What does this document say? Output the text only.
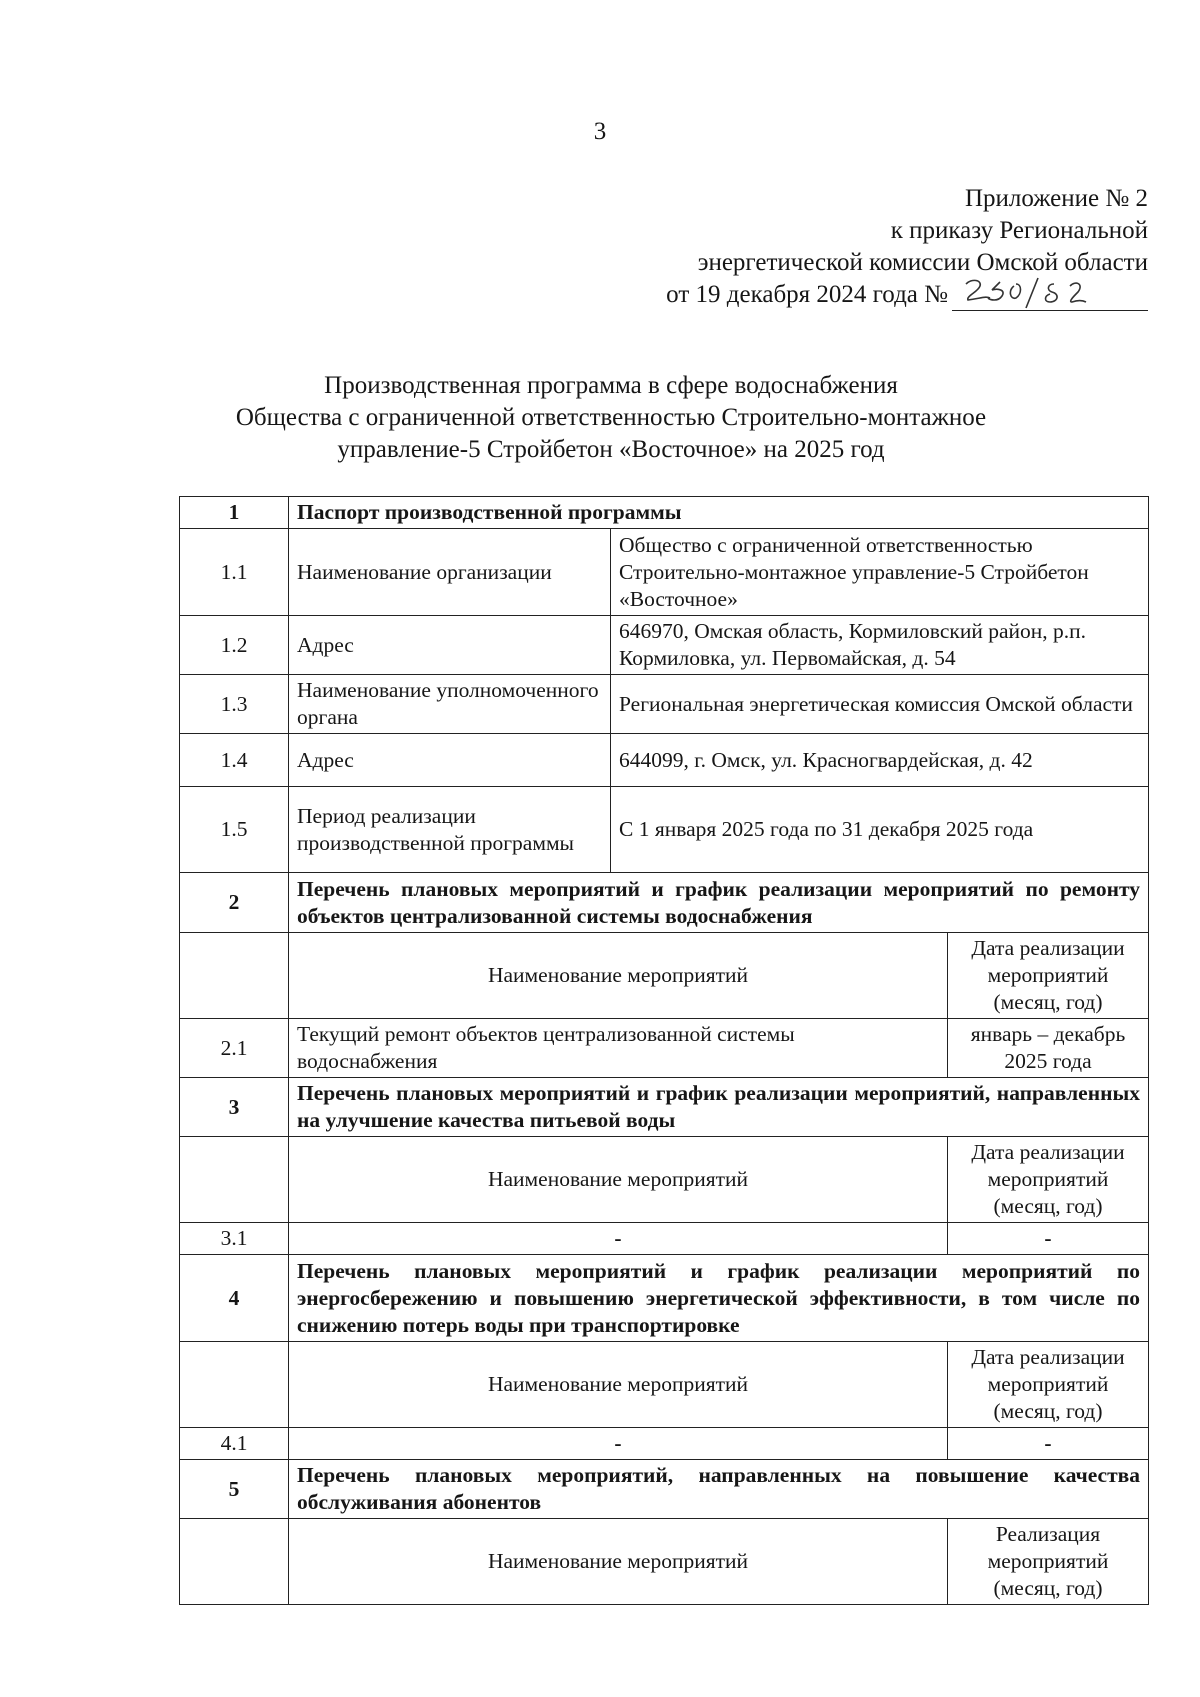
3
Приложение № 2
к приказу Региональной
энергетической комиссии Омской области
от 19 декабря 2024 года №
Производственная программа в сфере водоснабжения
Общества с ограниченной ответственностью Строительно-монтажное
управление-5 Стройбетон «Восточное» на 2025 год
1	Паспорт производственной программы		
1.1	Наименование организации	Общество с ограниченной ответственностью Строительно-монтажное управление-5 Стройбетон «Восточное»	
1.2	Адрес	646970, Омская область, Кормиловский район, р.п. Кормиловка, ул. Первомайская, д. 54	
1.3	Наименование уполномоченного органа	Региональная энергетическая комиссия Омской области	
1.4	Адрес	644099, г. Омск, ул. Красногвардейская, д. 42	
1.5	Период реализации производственной программы	С 1 января 2025 года по 31 декабря 2025 года	
2	Перечень плановых мероприятий и график реализации мероприятий по ремонту объектов централизованной системы водоснабжения		
	Наименование мероприятий		Дата реализации мероприятий (месяц, год)
2.1	Текущий ремонт объектов централизованной системы водоснабжения		январь – декабрь 2025 года
3	Перечень плановых мероприятий и график реализации мероприятий, направленных на улучшение качества питьевой воды		
	Наименование мероприятий		Дата реализации мероприятий (месяц, год)
3.1	-		-
4	Перечень плановых мероприятий и график реализации мероприятий по энергосбережению и повышению энергетической эффективности, в том числе по снижению потерь воды при транспортировке		
	Наименование мероприятий		Дата реализации мероприятий (месяц, год)
4.1	-		-
5	Перечень плановых мероприятий, направленных на повышение качества обслуживания абонентов		
	Наименование мероприятий		Реализация мероприятий (месяц, год)
